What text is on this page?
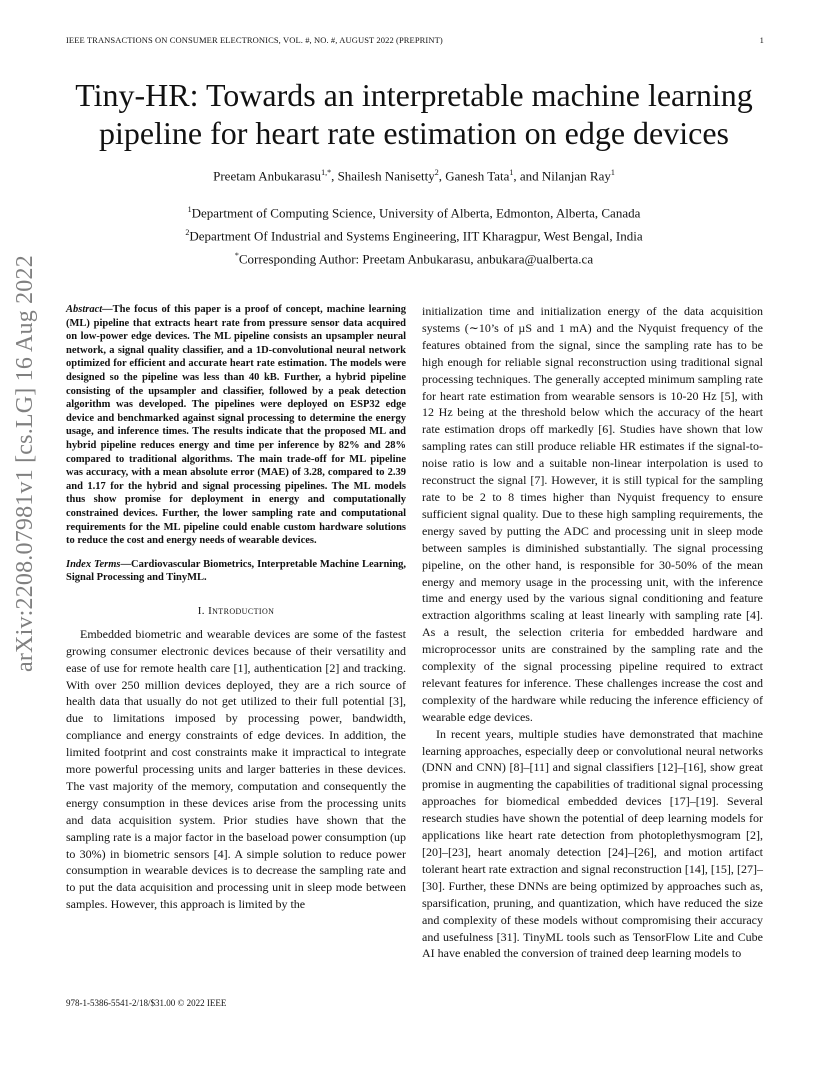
IEEE TRANSACTIONS ON CONSUMER ELECTRONICS, VOL. #, NO. #, AUGUST 2022 (PREPRINT)	1
Tiny-HR: Towards an interpretable machine learning
pipeline for heart rate estimation on edge devices
Preetam Anbukarasu$^{1,*}$, Shailesh Nanisetty$^2$, Ganesh Tata$^1$, and Nilanjan Ray$^1$
$^1$Department of Computing Science, University of Alberta, Edmonton, Alberta, Canada
$^2$Department Of Industrial and Systems Engineering, IIT Kharagpur, West Bengal, India
*Corresponding Author: Preetam Anbukarasu, anbukara@ualberta.ca
arXiv:2208.07981v1 [cs.LG] 16 Aug 2022	Abstract—The focus of this paper is a proof of concept, machine learning (ML) pipeline that extracts heart rate from pressure sensor data acquired on low-power edge devices. The ML pipeline consists an upsampler neural network, a signal quality classifier, and a 1D-convolutional neural network optimized for efficient and accurate heart rate estimation. The models were designed so the pipeline was less than 40 kB. Further, a hybrid pipeline consisting of the upsampler and classifier, followed by a peak detection algorithm was developed. The pipelines were deployed on ESP32 edge device and benchmarked against signal processing to determine the energy usage, and inference times. The results indicate that the proposed ML and hybrid pipeline reduces energy and time per inference by 82% and 28% compared to traditional algorithms. The main trade-off for ML pipeline was accuracy, with a mean absolute error (MAE) of 3.28, compared to 2.39 and 1.17 for the hybrid and signal processing pipelines. The ML models thus show promise for deployment in energy and computationally constrained devices. Further, the lower sampling rate and computational requirements for the ML pipeline could enable custom hardware solutions to reduce the cost and energy needs of wearable devices.

Index Terms—Cardiovascular Biometrics, Interpretable Machine Learning, Signal Processing and TinyML.

I. Introduction

Embedded biometric and wearable devices are some of the fastest growing consumer electronic devices because of their versatility and ease of use for remote health care [1], authentication [2] and tracking. With over 250 million devices deployed, they are a rich source of health data that usually do not get utilized to their full potential [3], due to limitations imposed by processing power, bandwidth, compliance and energy constraints of edge devices. In addition, the limited footprint and cost constraints make it impractical to integrate more powerful processing units and larger batteries in these devices. The vast majority of the memory, computation and consequently the energy consumption in these devices arise from the processing units and data acquisition system. Prior studies have shown that the sampling rate is a major factor in the baseload power consumption (up to 30%) in biometric sensors [4]. A simple solution to reduce power consumption in wearable devices is to decrease the sampling rate and to put the data acquisition and processing unit in sleep mode between samples. However, this approach is limited by the

initialization time and initialization energy of the data acquisition systems (∼10’s of µS and 1 mA) and the Nyquist frequency of the features obtained from the signal, since the sampling rate has to be high enough for reliable signal reconstruction using traditional signal processing techniques. The generally accepted minimum sampling rate for heart rate estimation from wearable sensors is 10-20 Hz [5], with 12 Hz being at the threshold below which the accuracy of the heart rate estimation drops off markedly [6]. Studies have shown that low sampling rates can still produce reliable HR estimates if the signal-to-noise ratio is low and a suitable non-linear interpolation is used to reconstruct the signal [7]. However, it is still typical for the sampling rate to be 2 to 8 times higher than Nyquist frequency to ensure sufficient signal quality. Due to these high sampling requirements, the energy saved by putting the ADC and processing unit in sleep mode between samples is diminished substantially. The signal processing pipeline, on the other hand, is responsible for 30-50% of the mean energy and memory usage in the processing unit, with the inference time and energy used by the various signal conditioning and feature extraction algorithms scaling at least linearly with sampling rate [4]. As a result, the selection criteria for embedded hardware and microprocessor units are constrained by the sampling rate and the complexity of the signal processing pipeline required to extract relevant features for inference. These challenges increase the cost and complexity of the hardware while reducing the inference efficiency of wearable edge devices.

In recent years, multiple studies have demonstrated that machine learning approaches, especially deep or convolutional neural networks (DNN and CNN) [8]–[11] and signal classifiers [12]–[16], show great promise in augmenting the capabilities of traditional signal processing approaches for biomedical embedded devices [17]–[19]. Several research studies have shown the potential of deep learning models for applications like heart rate detection from photoplethysmogram [2], [20]–[23], heart anomaly detection [24]–[26], and motion artifact tolerant heart rate extraction and signal reconstruction [14], [15], [27]–[30]. Further, these DNNs are being optimized by approaches such as, sparsification, pruning, and quantization, which have reduced the size and complexity of these models without compromising their accuracy and usefulness [31]. TinyML tools such as TensorFlow Lite and Cube AI have enabled the conversion of trained deep learning models to

978-1-5386-5541-2/18/$31.00 © 2022 IEEE
